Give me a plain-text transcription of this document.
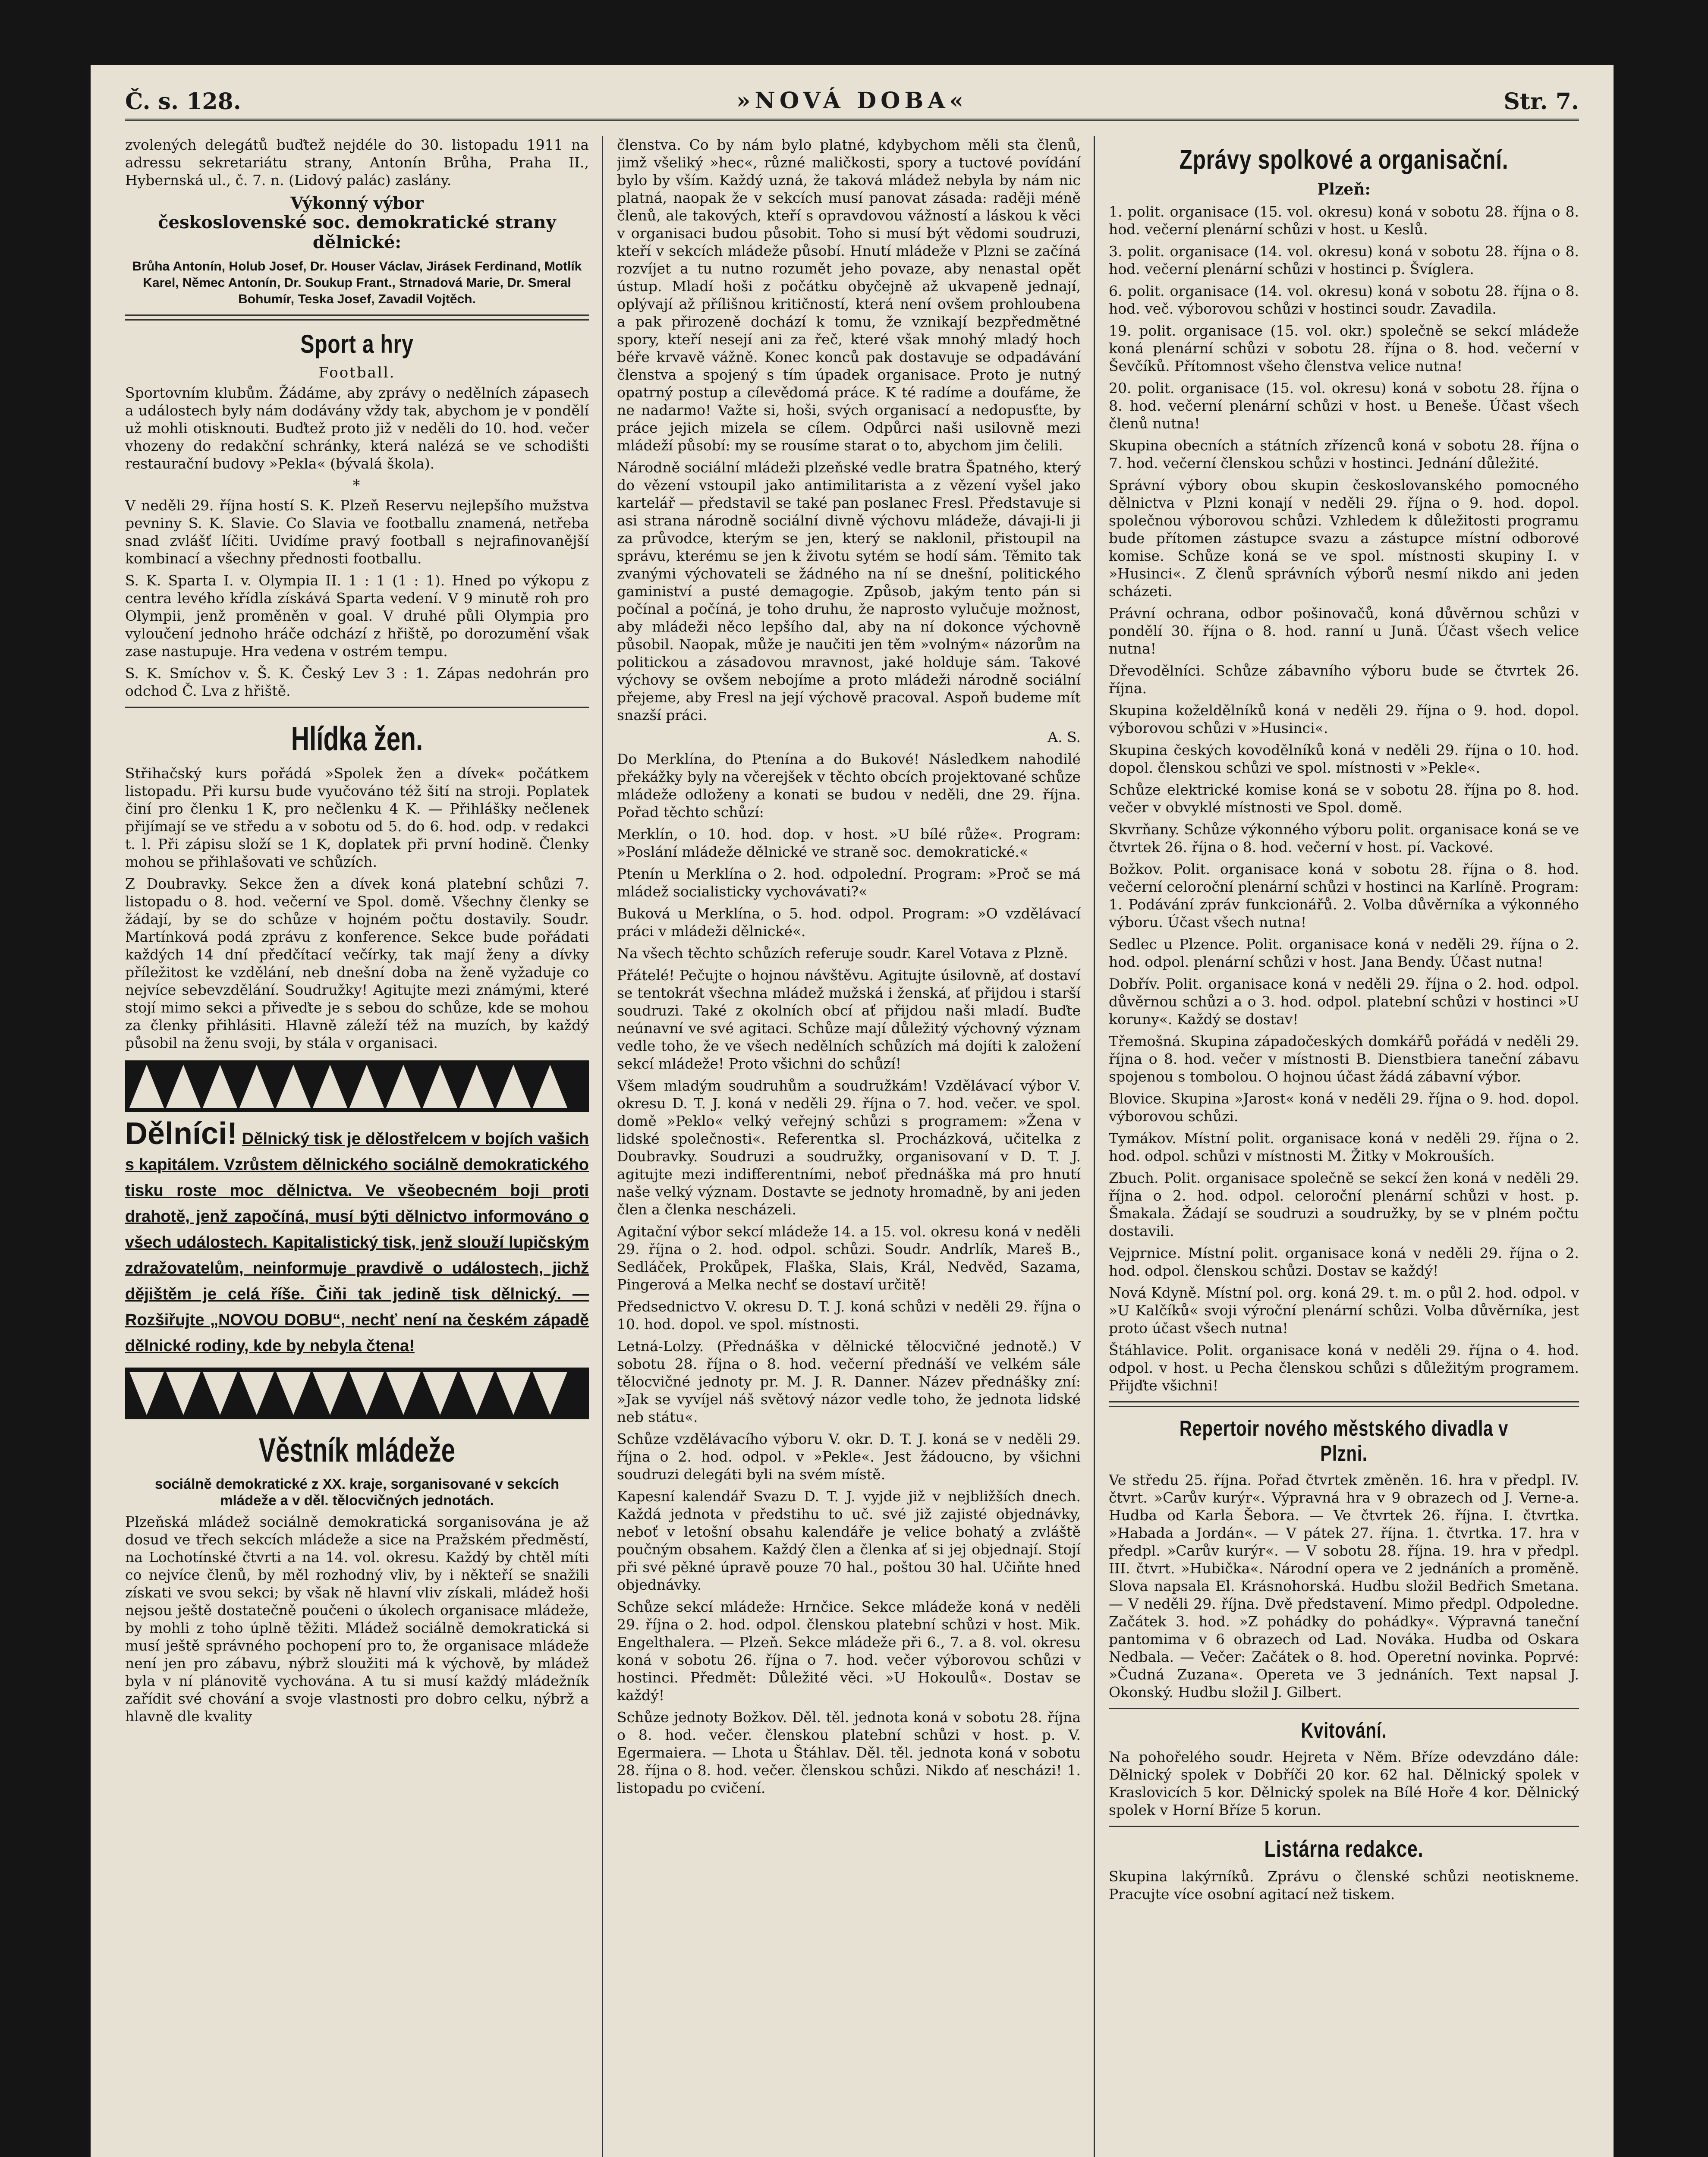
Č. s. 128.	»NOVÁ DOBA«	Str. 7.

zvolených delegátů buďtež nejdéle do 30. listopadu 1911 na adressu sekretariátu strany, Antonín Brůha, Praha II., Hybernská ul., č. 7. n. (Lidový palác) zaslány.

Výkonný výbor
československé soc. demokratické strany dělnické:
Brůha Antonín, Holub Josef, Dr. Houser Václav, Jirásek Ferdinand, Motlík Karel, Němec Antonín, Dr. Soukup Frant., Strnadová Marie, Dr. Smeral Bohumír, Teska Josef, Zavadil Vojtěch.
Sport a hry
Football.

Sportovním klubům. Žádáme, aby zprávy o nedělních zápasech a událostech byly nám dodávány vždy tak, abychom je v pondělí už mohli otisknouti. Buďtež proto již v neděli do 10. hod. večer vhozeny do redakční schránky, která nalézá se ve schodišti restaurační budovy »Pekla« (bývalá škola).

*

V neděli 29. října hostí S. K. Plzeň Reservu nejlepšího mužstva pevniny S. K. Slavie. Co Slavia ve footballu znamená, netřeba snad zvlášť líčiti. Uvidíme pravý football s nejrafinovanější kombinací a všechny přednosti footballu.

S. K. Sparta I. v. Olympia II. 1 : 1 (1 : 1). Hned po výkopu z centra levého křídla získává Sparta vedení. V 9 minutě roh pro Olympii, jenž proměněn v goal. V druhé půli Olympia pro vyloučení jednoho hráče odchází z hřiště, po dorozumění však zase nastupuje. Hra vedena v ostrém tempu.

S. K. Smíchov v. Š. K. Český Lev 3 : 1. Zápas nedohrán pro odchod Č. Lva z hřiště.

Hlídka žen.

Střihačský kurs pořádá »Spolek žen a dívek« počátkem listopadu. Při kursu bude vyučováno též šití na stroji. Poplatek činí pro členku 1 K, pro nečlenku 4 K. — Přihlášky nečlenek přijímají se ve středu a v sobotu od 5. do 6. hod. odp. v redakci t. l. Při zápisu složí se 1 K, doplatek při první hodině. Členky mohou se přihlašovati ve schůzích.

Z Doubravky. Sekce žen a dívek koná platební schůzi 7. listopadu o 8. hod. večerní ve Spol. domě. Všechny členky se žádají, by se do schůze v hojném počtu dostavily. Soudr. Martínková podá zprávu z konference. Sekce bude pořádati každých 14 dní předčítací večírky, tak mají ženy a dívky příležitost ke vzdělání, neb dnešní doba na ženě vyžaduje co nejvíce sebevzdělání. Soudružky! Agitujte mezi známými, které stojí mimo sekci a přiveďte je s sebou do schůze, kde se mohou za členky přihlásiti. Hlavně záleží též na muzích, by každý působil na ženu svoji, by stála v organisaci.

Dělníci! Dělnický tisk je dělostřelcem v bojích vašich s kapitálem. Vzrůstem dělnického sociálně demokratického tisku roste moc dělnictva. Ve všeobecném boji proti drahotě, jenž započíná, musí býti dělnictvo informováno o všech událostech. Kapitalistický tisk, jenž slouží lupičským zdražovatelům, neinformuje pravdivě o událostech, jichž dějištěm je celá říše. Čiňi tak jedině tisk dělnický. — Rozšiřujte „NOVOU DOBU“, nechť není na českém západě dělnické rodiny, kde by nebyla čtena!
Věstník mládeže
sociálně demokratické z XX. kraje, sorganisované v sekcích mládeže a v děl. tělocvičných jednotách.

Plzeňská mládež sociálně demokratická sorganisována je až dosud ve třech sekcích mládeže a sice na Pražském předměstí, na Lochotínské čtvrti a na 14. vol. okresu. Každý by chtěl míti co nejvíce členů, by měl rozhodný vliv, by i někteří se snažili získati ve svou sekci; by však ně hlavní vliv získali, mládež hoši nejsou ještě dostatečně poučeni o úkolech organisace mládeže, by mohli z toho úplně těžiti. Mládež sociálně demokratická si musí ještě správného pochopení pro to, že organisace mládeže není jen pro zábavu, nýbrž sloužiti má k výchově, by mládež byla v ní plánovitě vychována. A tu si musí každý mládežník zařídit své chování a svoje vlastnosti pro dobro celku, nýbrž a hlavně dle kvality

členstva. Co by nám bylo platné, kdybychom měli sta členů, jimž všeliký »hec«, různé maličkosti, spory a tuctové povídání bylo by vším. Každý uzná, že taková mládež nebyla by nám nic platná, naopak že v sekcích musí panovat zásada: raději méně členů, ale takových, kteří s opravdovou vážností a láskou k věci v organisaci budou působit. Toho si musí být vědomi soudruzi, kteří v sekcích mládeže působí. Hnutí mládeže v Plzni se začíná rozvíjet a tu nutno rozumět jeho povaze, aby nenastal opět ústup. Mladí hoši z počátku obyčejně až ukvapeně jednají, oplývají až přílišnou kritičností, která není ovšem prohloubena a pak přirozeně dochází k tomu, že vznikají bezpředmětné spory, kteří nesejí ani za řeč, které však mnohý mladý hoch béře krvavě vážně. Konec konců pak dostavuje se odpadávání členstva a spojený s tím úpadek organisace. Proto je nutný opatrný postup a cílevědomá práce. K té radíme a doufáme, že ne nadarmo! Važte si, hoši, svých organisací a nedopusťte, by práce jejich mizela se cílem. Odpůrci naši usilovně mezi mládeží působí: my se rousíme starat o to, abychom jim čelili.

Národně sociální mládeži plzeňské vedle bratra Špatného, který do vězení vstoupil jako antimilitarista a z vězení vyšel jako kartelář — představil se také pan poslanec Fresl. Představuje si asi strana národně sociální divně výchovu mládeže, dávaji-li ji za průvodce, kterým se jen, který se naklonil, přistoupil na správu, kterému se jen k životu sytém se hodí sám. Těmito tak zvanými výchovateli se žádného na ní se dnešní, politického gaministví a pusté demagogie. Způsob, jakým tento pán si počínal a počíná, je toho druhu, že naprosto vylučuje možnost, aby mládeži něco lepšího dal, aby na ní dokonce výchovně působil. Naopak, může je naučiti jen těm »volným« názorům na politickou a zásadovou mravnost, jaké holduje sám. Takové výchovy se ovšem nebojíme a proto mládeži národně sociální přejeme, aby Fresl na její výchově pracoval. Aspoň budeme mít snazší práci.

A. S.

Do Merklína, do Ptenína a do Bukové! Následkem nahodilé překážky byly na včerejšek v těchto obcích projektované schůze mládeže odloženy a konati se budou v neděli, dne 29. října. Pořad těchto schůzí:

Merklín, o 10. hod. dop. v host. »U bílé růže«. Program: »Poslání mládeže dělnické ve straně soc. demokratické.«

Ptenín u Merklína o 2. hod. odpolední. Program: »Proč se má mládež socialisticky vychovávati?«

Buková u Merklína, o 5. hod. odpol. Program: »O vzdělávací práci v mládeži dělnické«.

Na všech těchto schůzích referuje soudr. Karel Votava z Plzně.

Přátelé! Pečujte o hojnou návštěvu. Agitujte úsilovně, ať dostaví se tentokrát všechna mládež mužská i ženská, ať přijdou i starší soudruzi. Také z okolních obcí ať přijdou naši mladí. Buďte neúnavní ve své agitaci. Schůze mají důležitý výchovný význam vedle toho, že ve všech nedělních schůzích má dojíti k založení sekcí mládeže! Proto všichni do schůzí!

Všem mladým soudruhům a soudružkám! Vzdělávací výbor V. okresu D. T. J. koná v neděli 29. října o 7. hod. večer. ve spol. domě »Peklo« velký veřejný schůzi s programem: »Žena v lidské společnosti«. Referentka sl. Procházková, učitelka z Doubravky. Soudruzi a soudružky, organisovaní v D. T. J. agitujte mezi indifferentními, neboť přednáška má pro hnutí naše velký význam. Dostavte se jednoty hromadně, by ani jeden člen a členka nescházeli.

Agitační výbor sekcí mládeže 14. a 15. vol. okresu koná v neděli 29. října o 2. hod. odpol. schůzi. Soudr. Andrlík, Mareš B., Sedláček, Prokůpek, Flaška, Slais, Král, Nedvěd, Sazama, Pingerová a Melka nechť se dostaví určitě!

Předsednictvo V. okresu D. T. J. koná schůzi v neděli 29. října o 10. hod. dopol. ve spol. místnosti.

Letná-Lolzy. (Přednáška v dělnické tělocvičné jednotě.) V sobotu 28. října o 8. hod. večerní přednáší ve velkém sále tělocvičné jednoty pr. M. J. R. Danner. Název přednášky zní: »Jak se vyvíjel náš světový názor vedle toho, že jednota lidské neb státu«.

Schůze vzdělávacího výboru V. okr. D. T. J. koná se v neděli 29. října o 2. hod. odpol. v »Pekle«. Jest žádoucno, by všichni soudruzi delegáti byli na svém místě.

Kapesní kalendář Svazu D. T. J. vyjde již v nejbližších dnech. Každá jednota v předstihu to uč. své již zajisté objednávky, neboť v letošní obsahu kalendáře je velice bohatý a zvláště poučným obsahem. Každý člen a členka ať si jej objednají. Stojí při své pěkné úpravě pouze 70 hal., poštou 30 hal. Učiňte hned objednávky.

Schůze sekcí mládeže: Hrnčice. Sekce mládeže koná v neděli 29. října o 2. hod. odpol. členskou platební schůzi v host. Mik. Engelthalera. — Plzeň. Sekce mládeže při 6., 7. a 8. vol. okresu koná v sobotu 26. října o 7. hod. večer výborovou schůzi v hostinci. Předmět: Důležité věci. »U Hokoulů«. Dostav se každý!

Schůze jednoty Božkov. Děl. těl. jednota koná v sobotu 28. října o 8. hod. večer. členskou platební schůzi v host. p. V. Egermaiera. — Lhota u Štáhlav. Děl. těl. jednota koná v sobotu 28. října o 8. hod. večer. členskou schůzi. Nikdo ať nescházi! 1. listopadu po cvičení.

Zprávy spolkové a organisační.
Plzeň:

1. polit. organisace (15. vol. okresu) koná v sobotu 28. října o 8. hod. večerní plenární schůzi v host. u Keslů.

3. polit. organisace (14. vol. okresu) koná v sobotu 28. října o 8. hod. večerní plenární schůzi v hostinci p. Švíglera.

6. polit. organisace (14. vol. okresu) koná v sobotu 28. října o 8. hod. več. výborovou schůzi v hostinci soudr. Zavadila.

19. polit. organisace (15. vol. okr.) společně se sekcí mládeže koná plenární schůzi v sobotu 28. října o 8. hod. večerní v Ševčíků. Přítomnost všeho členstva velice nutna!

20. polit. organisace (15. vol. okresu) koná v sobotu 28. října o 8. hod. večerní plenární schůzi v host. u Beneše. Účast všech členů nutna!

Skupina obecních a státních zřízenců koná v sobotu 28. října o 7. hod. večerní členskou schůzi v hostinci. Jednání důležité.

Správní výbory obou skupin českoslovanského pomocného dělnictva v Plzni konají v neděli 29. října o 9. hod. dopol. společnou výborovou schůzi. Vzhledem k důležitosti programu bude přítomen zástupce svazu a zástupce místní odborové komise. Schůze koná se ve spol. místnosti skupiny I. v »Husinci«. Z členů správních výborů nesmí nikdo ani jeden scházeti.

Právní ochrana, odbor pošinovačů, koná důvěrnou schůzi v pondělí 30. října o 8. hod. ranní u Jună. Účast všech velice nutna!

Dřevodělníci. Schůze zábavního výboru bude se čtvrtek 26. října.

Skupina koželdělníků koná v neděli 29. října o 9. hod. dopol. výborovou schůzi v »Husinci«.

Skupina českých kovodělníků koná v neděli 29. října o 10. hod. dopol. členskou schůzi ve spol. místnosti v »Pekle«.

Schůze elektrické komise koná se v sobotu 28. října po 8. hod. večer v obvyklé místnosti ve Spol. domě.

Skvrňany. Schůze výkonného výboru polit. organisace koná se ve čtvrtek 26. října o 8. hod. večerní v host. pí. Vackové.

Božkov. Polit. organisace koná v sobotu 28. října o 8. hod. večerní celoroční plenární schůzi v hostinci na Karlíně. Program: 1. Podávání zpráv funkcionářů. 2. Volba důvěrníka a výkonného výboru. Účast všech nutna!

Sedlec u Plzence. Polit. organisace koná v neděli 29. října o 2. hod. odpol. plenární schůzi v host. Jana Bendy. Účast nutna!

Dobřív. Polit. organisace koná v neděli 29. října o 2. hod. odpol. důvěrnou schůzi a o 3. hod. odpol. platební schůzi v hostinci »U koruny«. Každý se dostav!

Třemošná. Skupina západočeských domkářů pořádá v neděli 29. října o 8. hod. večer v místnosti B. Dienstbiera taneční zábavu spojenou s tombolou. O hojnou účast žádá zábavní výbor.

Blovice. Skupina »Jarost« koná v neděli 29. října o 9. hod. dopol. výborovou schůzi.

Tymákov. Místní polit. organisace koná v neděli 29. října o 2. hod. odpol. schůzi v místnosti M. Žitky v Mokrouších.

Zbuch. Polit. organisace společně se sekcí žen koná v neděli 29. října o 2. hod. odpol. celoroční plenární schůzi v host. p. Šmakala. Žádají se soudruzi a soudružky, by se v plném počtu dostavili.

Vejprnice. Místní polit. organisace koná v neděli 29. října o 2. hod. odpol. členskou schůzi. Dostav se každý!

Nová Kdyně. Místní pol. org. koná 29. t. m. o půl 2. hod. odpol. v »U Kalčíků« svoji výroční plenární schůzi. Volba důvěrníka, jest proto účast všech nutna!

Štáhlavice. Polit. organisace koná v neděli 29. října o 4. hod. odpol. v host. u Pecha členskou schůzi s důležitým programem. Přijďte všichni!

Repertoir nového městského divadla v Plzni.

Ve středu 25. října. Pořad čtvrtek změněn. 16. hra v předpl. IV. čtvrt. »Carův kurýr«. Výpravná hra v 9 obrazech od J. Verne-a. Hudba od Karla Šebora. — Ve čtvrtek 26. října. I. čtvrtka. »Habada a Jordán«. — V pátek 27. října. 1. čtvrtka. 17. hra v předpl. »Carův kurýr«. — V sobotu 28. října. 19. hra v předpl. III. čtvrt. »Hubička«. Národní opera ve 2 jednáních a proměně. Slova napsala El. Krásnohorská. Hudbu složil Bedřich Smetana. — V neděli 29. října. Dvě představení. Mimo předpl. Odpoledne. Začátek 3. hod. »Z pohádky do pohádky«. Výpravná taneční pantomima v 6 obrazech od Lad. Nováka. Hudba od Oskara Nedbala. — Večer: Začátek o 8. hod. Operetní novinka. Poprvé: »Čudná Zuzana«. Opereta ve 3 jednáních. Text napsal J. Okonský. Hudbu složil J. Gilbert.

Kvitování.

Na pohořelého soudr. Hejreta v Něm. Bříze odevzdáno dále: Dělnický spolek v Dobříči 20 kor. 62 hal. Dělnický spolek v Kraslovicích 5 kor. Dělnický spolek na Bílé Hoře 4 kor. Dělnický spolek v Horní Bříze 5 korun.

Listárna redakce.

Skupina lakýrníků. Zprávu o členské schůzi neotiskneme. Pracujte více osobní agitací než tiskem.
